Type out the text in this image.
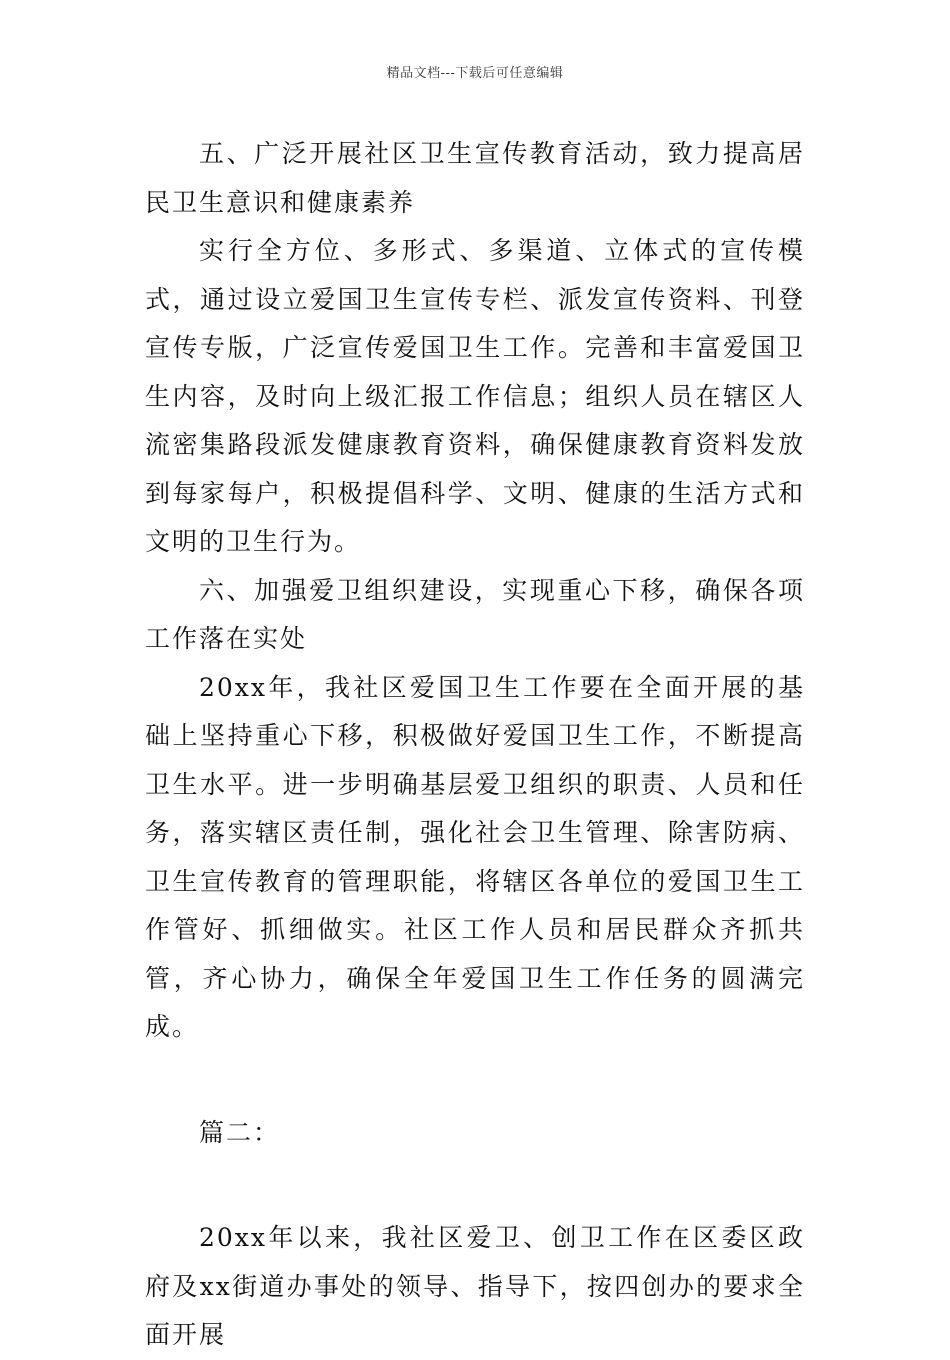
精品文档---下载后可任意编辑

五、广泛开展社区卫生宣传教育活动，致力提高居民卫生意识和健康素养

实行全方位、多形式、多渠道、立体式的宣传模式，通过设立爱国卫生宣传专栏、派发宣传资料、刊登宣传专版，广泛宣传爱国卫生工作。完善和丰富爱国卫生内容，及时向上级汇报工作信息；组织人员在辖区人流密集路段派发健康教育资料，确保健康教育资料发放到每家每户，积极提倡科学、文明、健康的生活方式和文明的卫生行为。

六、加强爱卫组织建设，实现重心下移，确保各项工作落在实处

20xx年，我社区爱国卫生工作要在全面开展的基础上坚持重心下移，积极做好爱国卫生工作，不断提高卫生水平。进一步明确基层爱卫组织的职责、人员和任务，落实辖区责任制，强化社会卫生管理、除害防病、卫生宣传教育的管理职能，将辖区各单位的爱国卫生工作管好、抓细做实。社区工作人员和居民群众齐抓共管，齐心协力，确保全年爱国卫生工作任务的圆满完成。

篇二：

20xx年以来，我社区爱卫、创卫工作在区委区政府及xx街道办事处的领导、指导下，按四创办的要求全面开展
